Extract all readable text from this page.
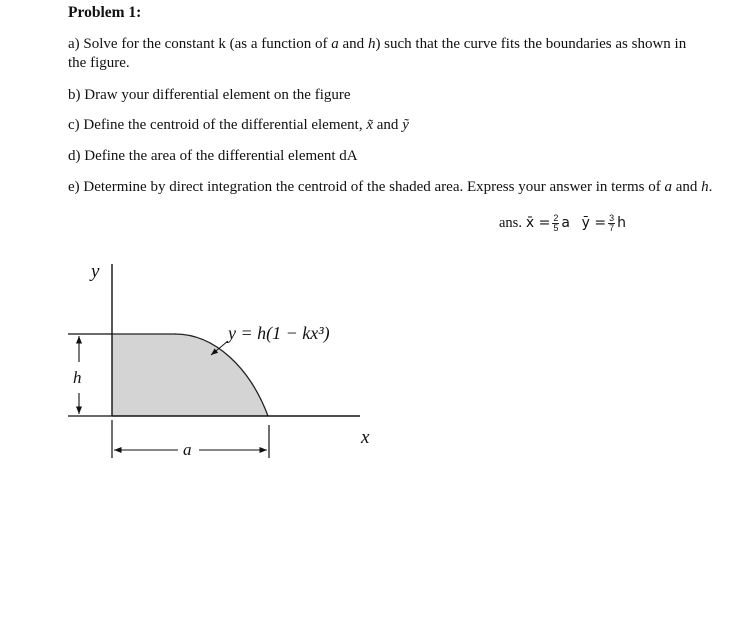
Problem 1:

a) Solve for the constant k (as a function of a and h) such that the curve fits the boundaries as shown in the figure.

b) Draw your differential element on the figure

c) Define the centroid of the differential element, x̃ and ỹ

d) Define the area of the differential element dA

e) Determine by direct integration the centroid of the shaded area. Express your answer in terms of a and h.

ans. x̄ = $\frac{2}{5}$ a ȳ = $\frac{3}{7}$ h
h
a
y
x
y = h(1 − kx³)
